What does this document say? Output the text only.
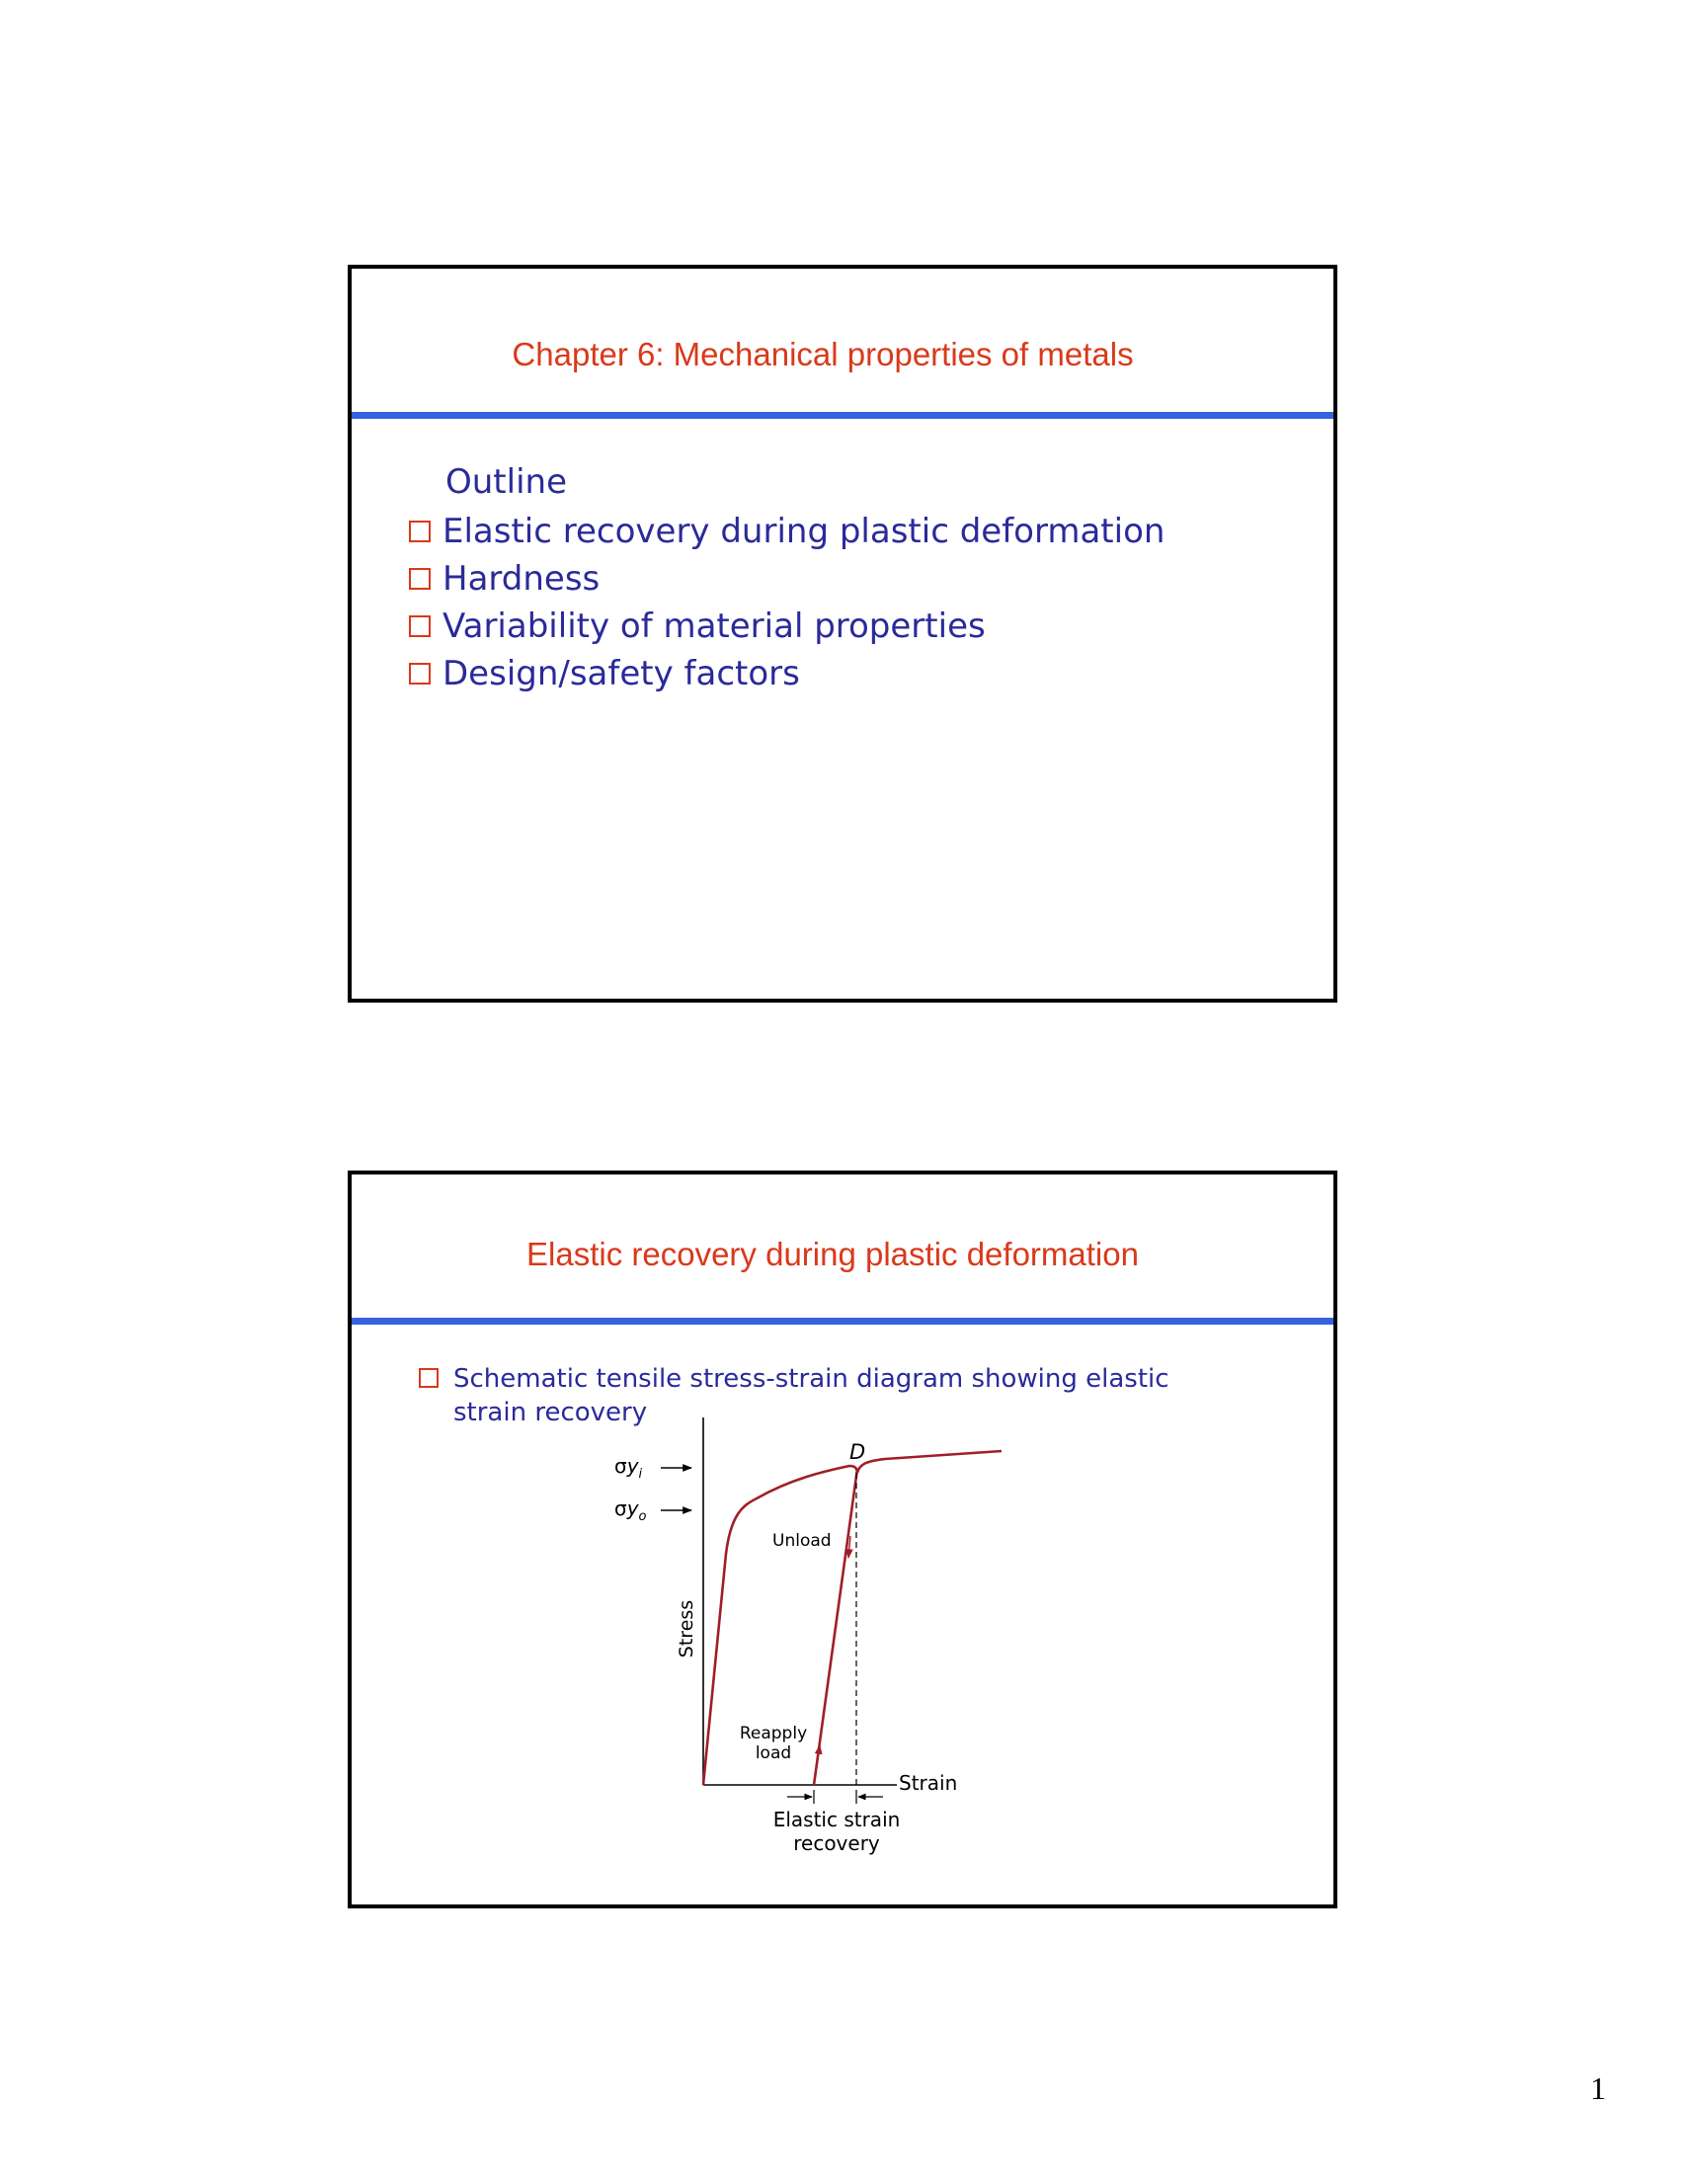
Chapter 6: Mechanical properties of metals
Outline
Elastic recovery during plastic deformation
Hardness
Variability of material properties
Design/safety factors
Elastic recovery during plastic deformation
Schematic tensile stress-strain diagram showing elastic strain recovery
$\sigma y_i$
$\sigma y_o$
D
Unload
Reapply
load
Stress
Strain
Elastic strain
recovery
1
